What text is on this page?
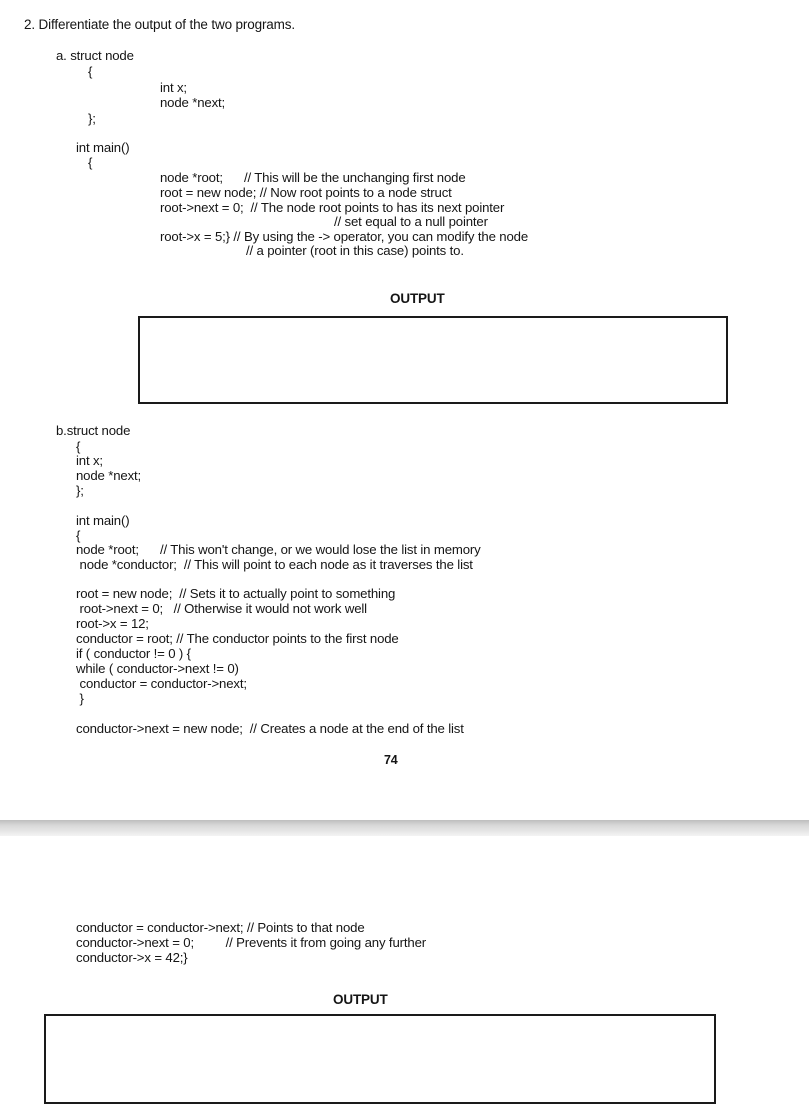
2. Differentiate the output of the two programs.
a. struct node
{
int x;
node *next;
};
int main()
{
node *root;      // This will be the unchanging first node
root = new node; // Now root points to a node struct
root->next = 0;  // The node root points to has its next pointer
// set equal to a null pointer
root->x = 5;} // By using the -> operator, you can modify the node
// a pointer (root in this case) points to.
OUTPUT
b.struct node
{
int x;
node *next;
};
int main()
{
node *root;      // This won't change, or we would lose the list in memory
node *conductor;  // This will point to each node as it traverses the list
root = new node;  // Sets it to actually point to something
root->next = 0;   // Otherwise it would not work well
root->x = 12;
conductor = root; // The conductor points to the first node
if ( conductor != 0 ) {
while ( conductor->next != 0)
conductor = conductor->next;
}
conductor->next = new node;  // Creates a node at the end of the list
74
conductor = conductor->next; // Points to that node
conductor->next = 0;         // Prevents it from going any further
conductor->x = 42;}
OUTPUT
